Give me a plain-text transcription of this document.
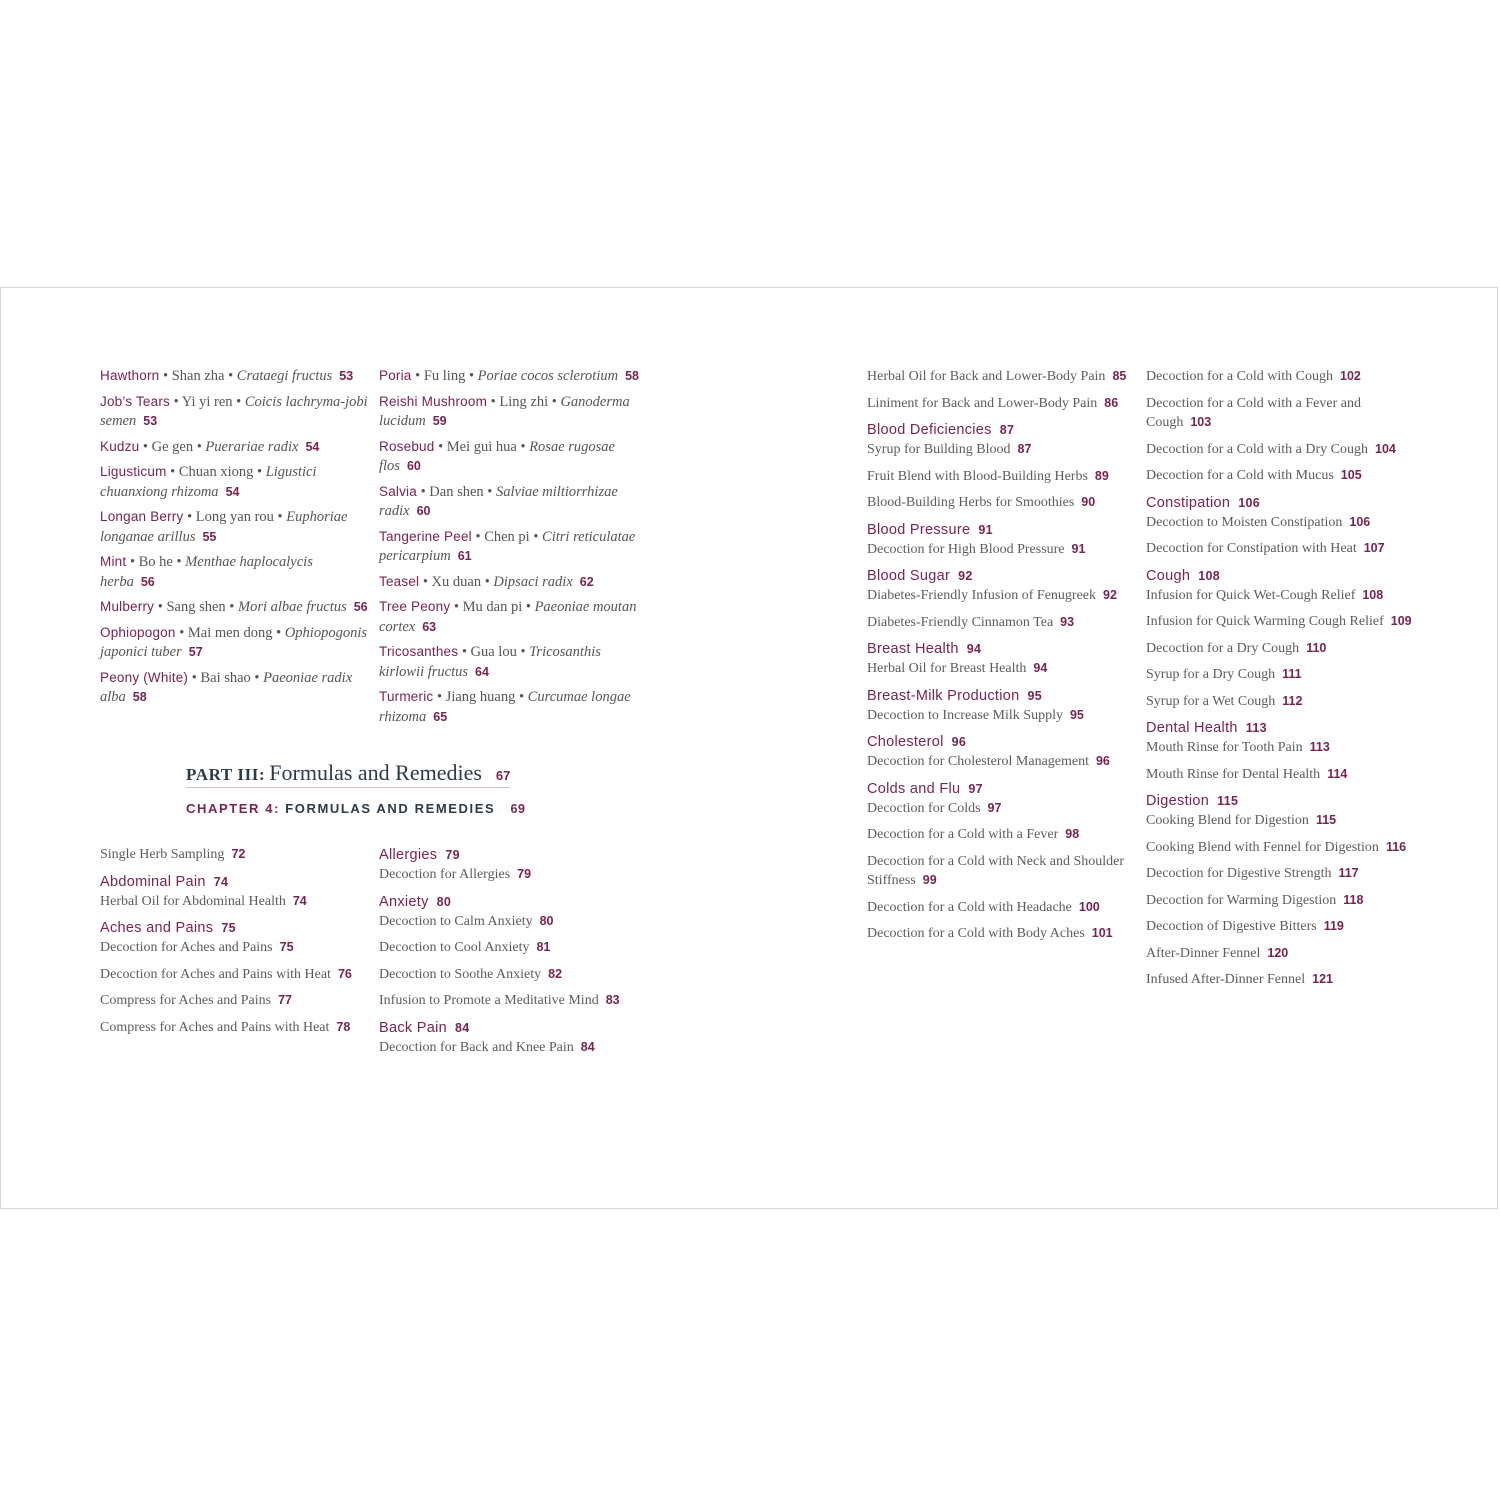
Hawthorn • Shan zha • Crataegi fructus 53
Job’s Tears • Yi yi ren • Coicis lachryma-jobi semen 53
Kudzu • Ge gen • Puerariae radix 54
Ligusticum • Chuan xiong • Ligustici chuanxiong rhizoma 54
Longan Berry • Long yan rou • Euphoriae longanae arillus 55
Mint • Bo he • Menthae haplocalycis herba 56
Mulberry • Sang shen • Mori albae fructus 56
Ophiopogon • Mai men dong • Ophiopogonis japonici tuber 57
Peony (White) • Bai shao • Paeoniae radix alba 58
Poria • Fu ling • Poriae cocos sclerotium 58
Reishi Mushroom • Ling zhi • Ganoderma lucidum 59
Rosebud • Mei gui hua • Rosae rugosae flos 60
Salvia • Dan shen • Salviae miltiorrhizae radix 60
Tangerine Peel • Chen pi • Citri reticulatae pericarpium 61
Teasel • Xu duan • Dipsaci radix 62
Tree Peony • Mu dan pi • Paeoniae moutan cortex 63
Tricosanthes • Gua lou • Tricosanthis kirlowii fructus 64
Turmeric • Jiang huang • Curcumae longae rhizoma 65
PART III: Formulas and Remedies 67
CHAPTER 4: FORMULAS AND REMEDIES 69
Single Herb Sampling 72
Abdominal Pain 74
Herbal Oil for Abdominal Health 74
Aches and Pains 75
Decoction for Aches and Pains 75
Decoction for Aches and Pains with Heat 76
Compress for Aches and Pains 77
Compress for Aches and Pains with Heat 78
Allergies 79
Decoction for Allergies 79
Anxiety 80
Decoction to Calm Anxiety 80
Decoction to Cool Anxiety 81
Decoction to Soothe Anxiety 82
Infusion to Promote a Meditative Mind 83
Back Pain 84
Decoction for Back and Knee Pain 84
Herbal Oil for Back and Lower-Body Pain 85
Liniment for Back and Lower-Body Pain 86
Blood Deficiencies 87
Syrup for Building Blood 87
Fruit Blend with Blood-Building Herbs 89
Blood-Building Herbs for Smoothies 90
Blood Pressure 91
Decoction for High Blood Pressure 91
Blood Sugar 92
Diabetes-Friendly Infusion of Fenugreek 92
Diabetes-Friendly Cinnamon Tea 93
Breast Health 94
Herbal Oil for Breast Health 94
Breast-Milk Production 95
Decoction to Increase Milk Supply 95
Cholesterol 96
Decoction for Cholesterol Management 96
Colds and Flu 97
Decoction for Colds 97
Decoction for a Cold with a Fever 98
Decoction for a Cold with Neck and Shoulder Stiffness 99
Decoction for a Cold with Headache 100
Decoction for a Cold with Body Aches 101
Decoction for a Cold with Cough 102
Decoction for a Cold with a Fever and Cough 103
Decoction for a Cold with a Dry Cough 104
Decoction for a Cold with Mucus 105
Constipation 106
Decoction to Moisten Constipation 106
Decoction for Constipation with Heat 107
Cough 108
Infusion for Quick Wet-Cough Relief 108
Infusion for Quick Warming Cough Relief 109
Decoction for a Dry Cough 110
Syrup for a Dry Cough 111
Syrup for a Wet Cough 112
Dental Health 113
Mouth Rinse for Tooth Pain 113
Mouth Rinse for Dental Health 114
Digestion 115
Cooking Blend for Digestion 115
Cooking Blend with Fennel for Digestion 116
Decoction for Digestive Strength 117
Decoction for Warming Digestion 118
Decoction of Digestive Bitters 119
After-Dinner Fennel 120
Infused After-Dinner Fennel 121
